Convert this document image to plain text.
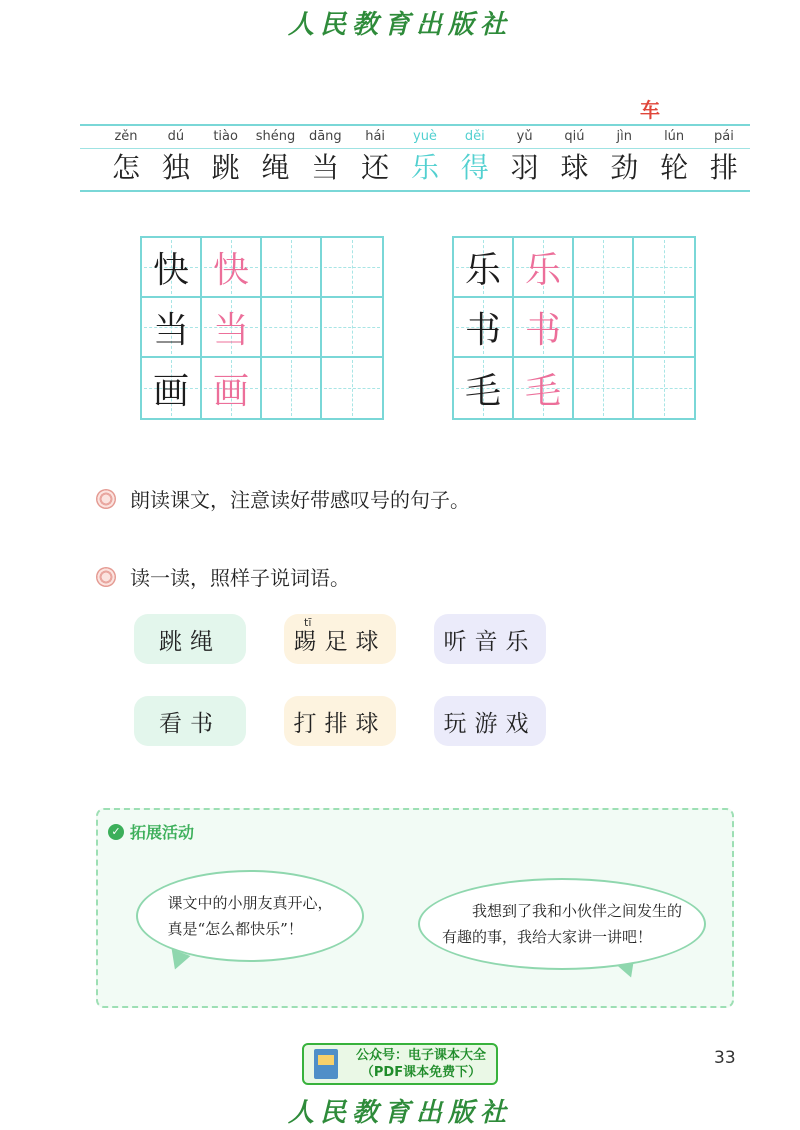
人民教育出版社
车
zěn
怎
dú
独
tiào
跳
shéng
绳
dāng
当
hái
还
yuè
乐
děi
得
yǔ
羽
qiú
球
jìn
劲
lún
轮
pái
排
快 快
当 当
画 画
乐 乐
书 书
毛 毛
朗读课文，注意读好带感叹号的句子。
读一读，照样子说词语。
跳绳
tī
踢足球 听音乐
看书	打排球 玩游戏
✓ 拓展活动
课文中的小朋友真开心，
真是“怎么都快乐”！
我想到了我和小伙伴之间发生的
有趣的事，我给大家讲一讲吧！
公众号：电子课本大全
（PDF课本免费下）
33
人民教育出版社
